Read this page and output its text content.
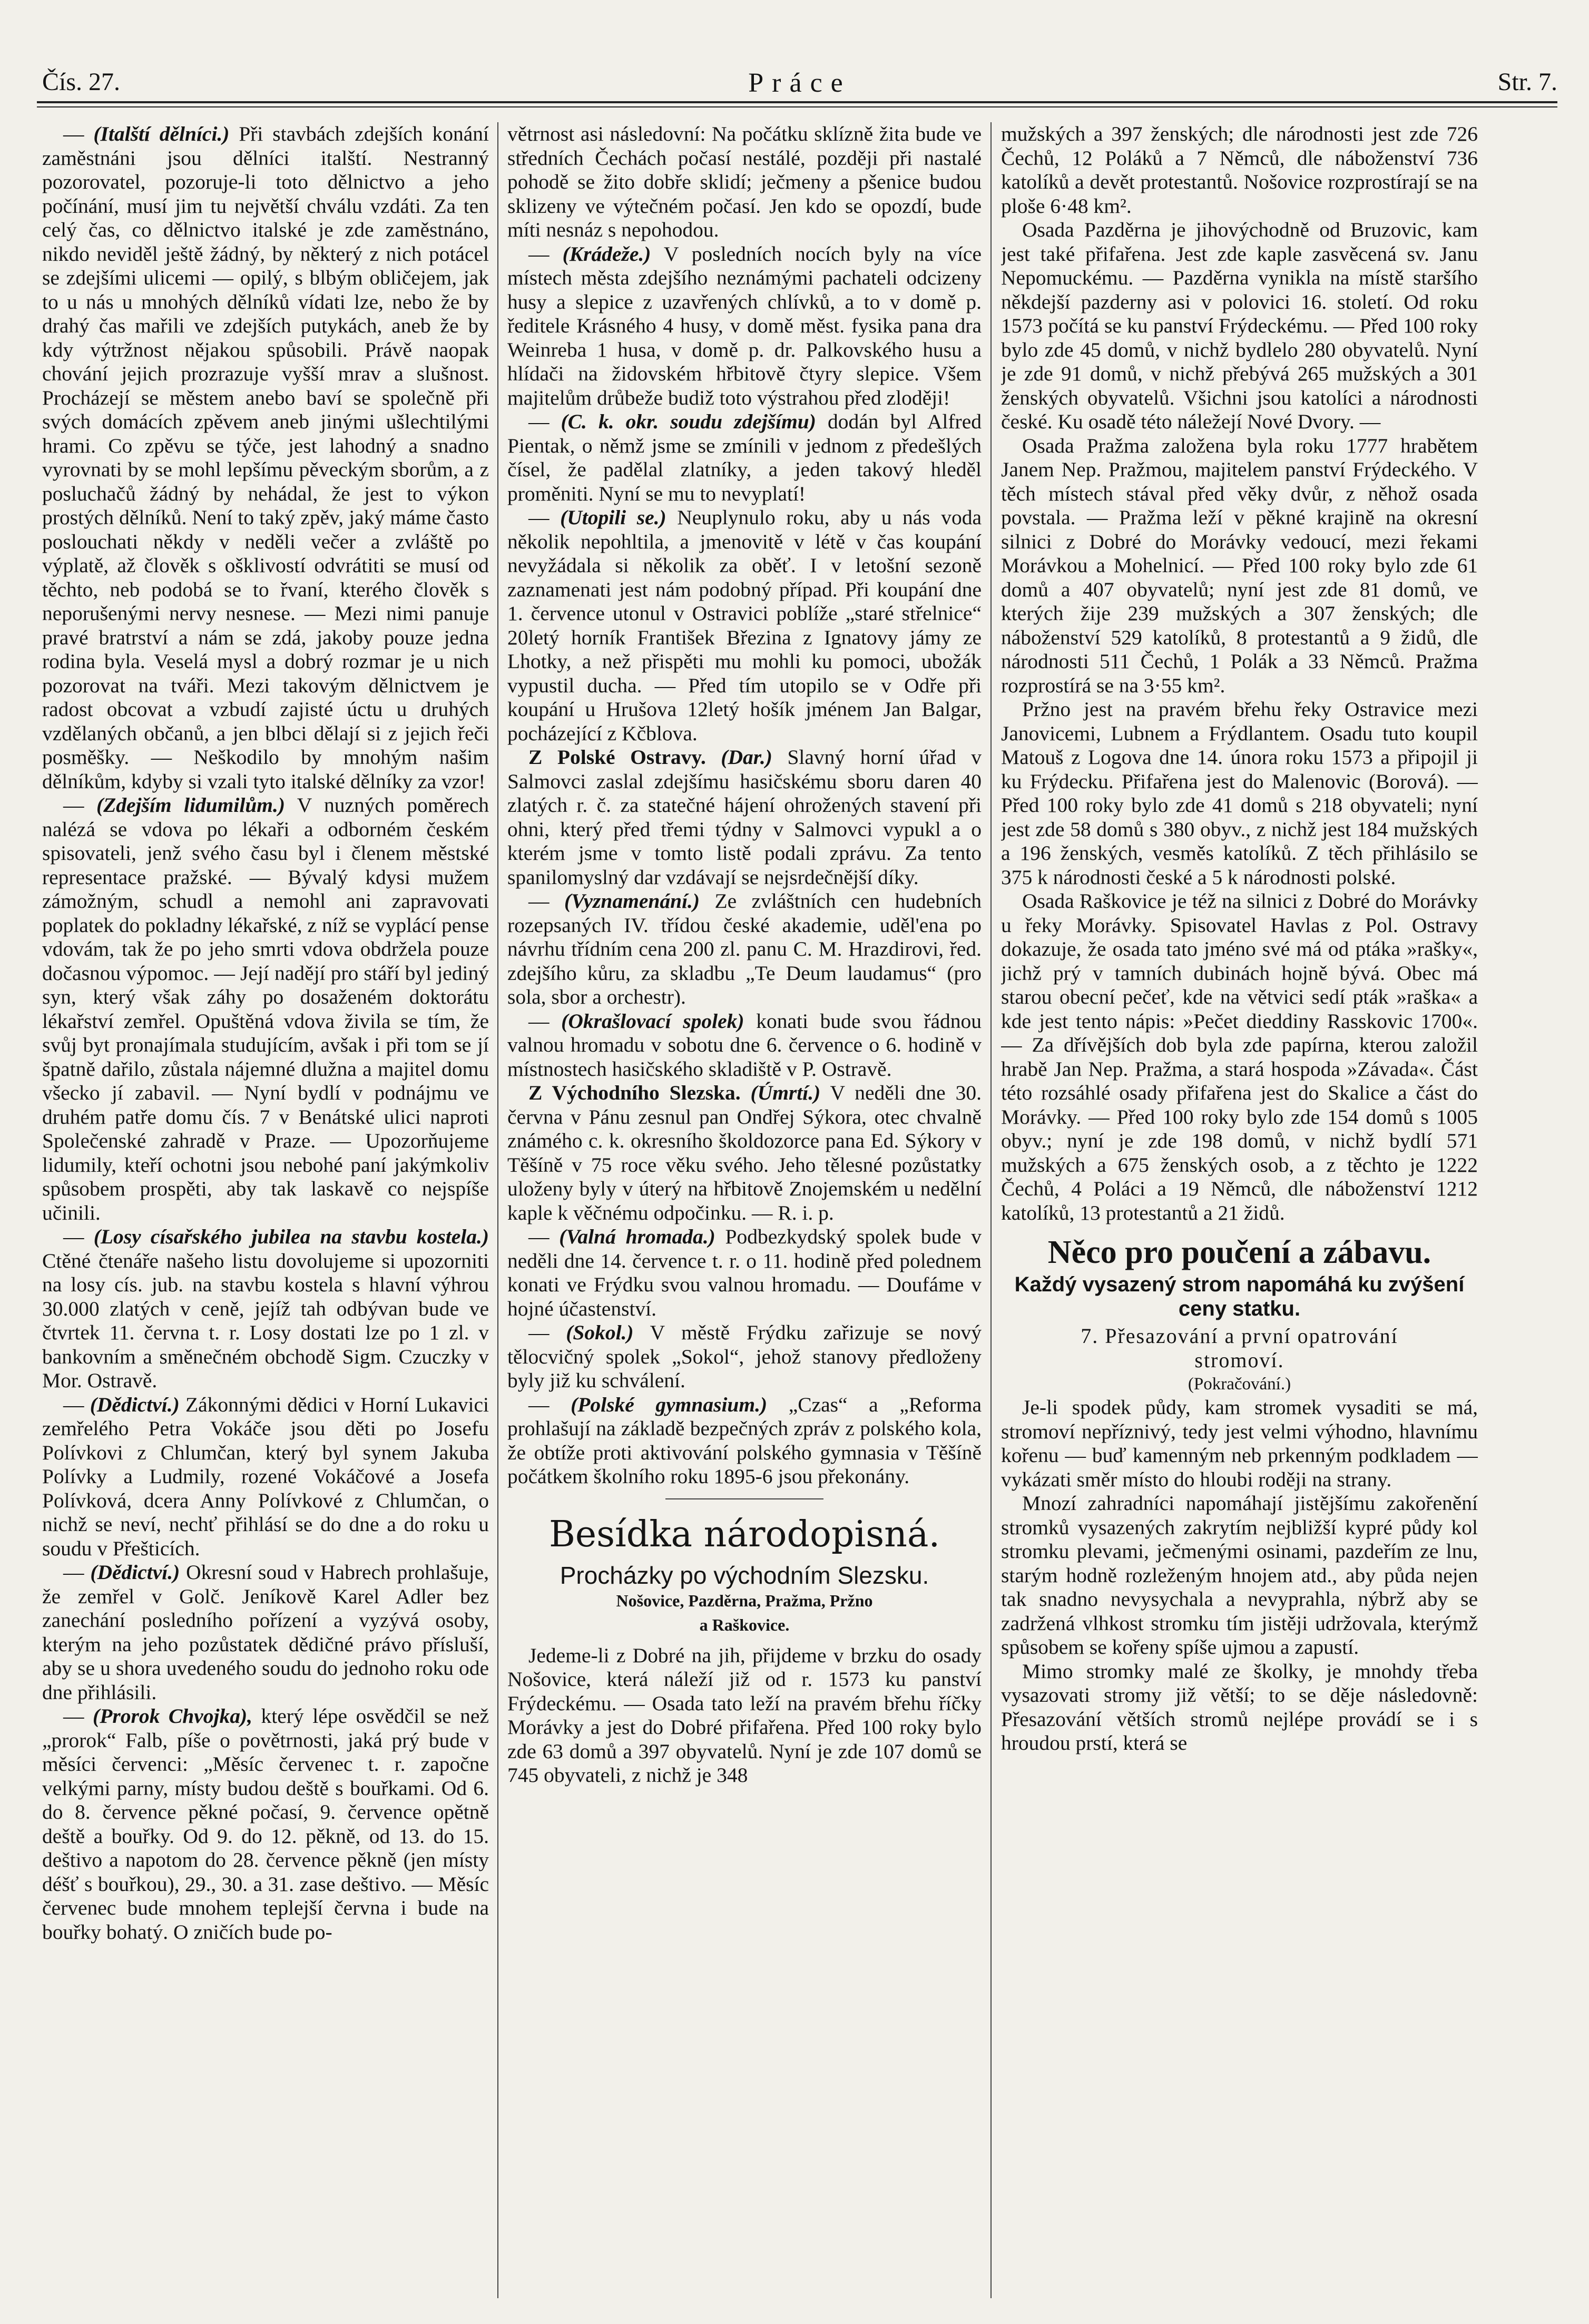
Čís. 27.	Práce	Str. 7.

— (Italští dělníci.) Při stavbách zdejších konání zaměstnáni jsou dělníci italští. Nestranný pozorovatel, pozoruje-li toto dělnictvo a jeho počínání, musí jim tu největší chválu vzdáti. Za ten celý čas, co dělnictvo italské je zde zaměstnáno, nikdo neviděl ještě žádný, by některý z nich potácel se zdejšími ulicemi — opilý, s blbým obličejem, jak to u nás u mnohých dělníků vídati lze, nebo že by drahý čas mařili ve zdejších putykách, aneb že by kdy výtržnost nějakou spůsobili. Právě naopak chování jejich prozrazuje vyšší mrav a slušnost. Procházejí se městem anebo baví se společně při svých domácích zpěvem aneb jinými ušlechtilými hrami. Co zpěvu se týče, jest lahodný a snadno vyrovnati by se mohl lepšímu pěveckým sborům, a z posluchačů žádný by nehádal, že jest to výkon prostých dělníků. Není to taký zpěv, jaký máme často poslouchati někdy v neděli večer a zvláště po výplatě, až člověk s ošklivostí odvrátiti se musí od těchto, neb podobá se to řvaní, kterého člověk s neporušenými nervy nesnese. — Mezi nimi panuje pravé bratrství a nám se zdá, jakoby pouze jedna rodina byla. Veselá mysl a dobrý rozmar je u nich pozorovat na tváři. Mezi takovým dělnictvem je radost obcovat a vzbudí zajisté úctu u druhých vzdělaných občanů, a jen blbci dělají si z jejich řeči posměšky. — Neškodilo by mnohým našim dělníkům, kdyby si vzali tyto italské dělníky za vzor!

— (Zdejším lidumilům.) V nuzných poměrech nalézá se vdova po lékaři a odborném českém spisovateli, jenž svého času byl i členem městské representace pražské. — Bývalý kdysi mužem zámožným, schudl a nemohl ani zapravovati poplatek do pokladny lékařské, z níž se vyplácí pense vdovám, tak že po jeho smrti vdova obdržela pouze dočasnou výpomoc. — Její nadějí pro stáří byl jediný syn, který však záhy po dosaženém doktorátu lékařství zemřel. Opuštěná vdova živila se tím, že svůj byt pronajímala studujícím, avšak i při tom se jí špatně dařilo, zůstala nájemné dlužna a majitel domu všecko jí zabavil. — Nyní bydlí v podnájmu ve druhém patře domu čís. 7 v Benátské ulici naproti Společenské zahradě v Praze. — Upozorňujeme lidumily, kteří ochotni jsou nebohé paní jakýmkoliv spůsobem prospěti, aby tak laskavě co nejspíše učinili.

— (Losy císařského jubilea na stavbu kostela.) Ctěné čtenáře našeho listu dovolujeme si upozorniti na losy cís. jub. na stavbu kostela s hlavní výhrou 30.000 zlatých v ceně, jejíž tah odbývan bude ve čtvrtek 11. června t. r. Losy dostati lze po 1 zl. v bankovním a směnečném obchodě Sigm. Czuczky v Mor. Ostravě.

— (Dědictví.) Zákonnými dědici v Horní Lukavici zemřelého Petra Vokáče jsou děti po Josefu Polívkovi z Chlumčan, který byl synem Jakuba Polívky a Ludmily, rozené Vokáčové a Josefa Polívková, dcera Anny Polívkové z Chlumčan, o nichž se neví, nechť přihlásí se do dne a do roku u soudu v Přešticích.

— (Dědictví.) Okresní soud v Habrech prohlašuje, že zemřel v Golč. Jeníkově Karel Adler bez zanechání posledního pořízení a vyzývá osoby, kterým na jeho pozůstatek dědičné právo přísluší, aby se u shora uvedeného soudu do jednoho roku ode dne přihlásili.

— (Prorok Chvojka), který lépe osvědčil se než „prorok“ Falb, píše o povětrnosti, jaká prý bude v měsíci červenci: „Měsíc červenec t. r. započne velkými parny, místy budou deště s bouřkami. Od 6. do 8. července pěkné počasí, 9. července opětně deště a bouřky. Od 9. do 12. pěkně, od 13. do 15. deštivo a napotom do 28. července pěkně (jen místy déšť s bouřkou), 29., 30. a 31. zase deštivo. — Měsíc červenec bude mnohem teplejší června i bude na bouřky bohatý. O zničích bude po-

větrnost asi následovní: Na počátku sklízně žita bude ve středních Čechách počasí nestálé, později při nastalé pohodě se žito dobře sklidí; ječmeny a pšenice budou sklizeny ve výtečném počasí. Jen kdo se opozdí, bude míti nesnáz s nepohodou.

— (Krádeže.) V posledních nocích byly na více místech města zdejšího neznámými pachateli odcizeny husy a slepice z uzavřených chlívků, a to v domě p. ředitele Krásného 4 husy, v domě měst. fysika pana dra Weinreba 1 husa, v domě p. dr. Palkovského husu a hlídači na židovském hřbitově čtyry slepice. Všem majitelům drůbeže budiž toto výstrahou před zloději!

— (C. k. okr. soudu zdejšímu) dodán byl Alfred Pientak, o němž jsme se zmínili v jednom z předešlých čísel, že padělal zlatníky, a jeden takový hleděl proměniti. Nyní se mu to nevyplatí!

— (Utopili se.) Neuplynulo roku, aby u nás voda několik nepohltila, a jmenovitě v létě v čas koupání nevyžádala si několik za oběť. I v letošní sezoně zaznamenati jest nám podobný případ. Při koupání dne 1. července utonul v Ostravici poblíže „staré střelnice“ 20letý horník František Březina z Ignatovy jámy ze Lhotky, a než přispěti mu mohli ku pomoci, ubožák vypustil ducha. — Před tím utopilo se v Odře při koupání u Hrušova 12letý hošík jménem Jan Balgar, pocházející z Kčblova.

Z Polské Ostravy. (Dar.) Slavný horní úřad v Salmovci zaslal zdejšímu hasičskému sboru daren 40 zlatých r. č. za statečné hájení ohrožených stavení při ohni, který před třemi týdny v Salmovci vypukl a o kterém jsme v tomto listě podali zprávu. Za tento spanilomyslný dar vzdávají se nejsrdečnější díky.

— (Vyznamenání.) Ze zvláštních cen hudebních rozepsaných IV. třídou české akademie, uděl'ena po návrhu třídním cena 200 zl. panu C. M. Hrazdirovi, řed. zdejšího kůru, za skladbu „Te Deum laudamus“ (pro sola, sbor a orchestr).

— (Okrašlovací spolek) konati bude svou řádnou valnou hromadu v sobotu dne 6. července o 6. hodině v místnostech hasičského skladiště v P. Ostravě.

Z Východního Slezska. (Úmrtí.) V neděli dne 30. června v Pánu zesnul pan Ondřej Sýkora, otec chvalně známého c. k. okresního školdozorce pana Ed. Sýkory v Těšíně v 75 roce věku svého. Jeho tělesné pozůstatky uloženy byly v úterý na hřbitově Znojemském u nedělní kaple k věčnému odpočinku. — R. i. p.

— (Valná hromada.) Podbezkydský spolek bude v neděli dne 14. července t. r. o 11. hodině před polednem konati ve Frýdku svou valnou hromadu. — Doufáme v hojné účastenství.

— (Sokol.) V městě Frýdku zařizuje se nový tělocvičný spolek „Sokol“, jehož stanovy předloženy byly již ku schválení.

— (Polské gymnasium.) „Czas“ a „Reforma prohlašují na základě bezpečných zpráv z polského kola, že obtíže proti aktivování polského gymnasia v Těšíně počátkem školního roku 1895-6 jsou překonány.

Besídka národopisná.
Procházky po východním Slezsku.
Nošovice, Pazděrna, Pražma, Pržno
a Raškovice.

Jedeme-li z Dobré na jih, přijdeme v brzku do osady Nošovice, která náleží již od r. 1573 ku panství Frýdeckému. — Osada tato leží na pravém břehu říčky Morávky a jest do Dobré přifařena. Před 100 roky bylo zde 63 domů a 397 obyvatelů. Nyní je zde 107 domů se 745 obyvateli, z nichž je 348

mužských a 397 ženských; dle národnosti jest zde 726 Čechů, 12 Poláků a 7 Němců, dle náboženství 736 katolíků a devět protestantů. Nošovice rozprostírají se na ploše 6·48 km².

Osada Pazděrna je jihovýchodně od Bruzovic, kam jest také přifařena. Jest zde kaple zasvěcená sv. Janu Nepomuckému. — Pazděrna vynikla na místě staršího někdejší pazderny asi v polovici 16. století. Od roku 1573 počítá se ku panství Frýdeckému. — Před 100 roky bylo zde 45 domů, v nichž bydlelo 280 obyvatelů. Nyní je zde 91 domů, v nichž přebývá 265 mužských a 301 ženských obyvatelů. Všichni jsou katolíci a národnosti české. Ku osadě této náležejí Nové Dvory. —

Osada Pražma založena byla roku 1777 hrabětem Janem Nep. Pražmou, majitelem panství Frýdeckého. V těch místech stával před věky dvůr, z něhož osada povstala. — Pražma leží v pěkné krajině na okresní silnici z Dobré do Morávky vedoucí, mezi řekami Morávkou a Mohelnicí. — Před 100 roky bylo zde 61 domů a 407 obyvatelů; nyní jest zde 81 domů, ve kterých žije 239 mužských a 307 ženských; dle náboženství 529 katolíků, 8 protestantů a 9 židů, dle národnosti 511 Čechů, 1 Polák a 33 Němců. Pražma rozprostírá se na 3·55 km².

Pržno jest na pravém břehu řeky Ostravice mezi Janovicemi, Lubnem a Frýdlantem. Osadu tuto koupil Matouš z Logova dne 14. února roku 1573 a připojil ji ku Frýdecku. Přifařena jest do Malenovic (Borová). — Před 100 roky bylo zde 41 domů s 218 obyvateli; nyní jest zde 58 domů s 380 obyv., z nichž jest 184 mužských a 196 ženských, vesměs katolíků. Z těch přihlásilo se 375 k národnosti české a 5 k národnosti polské.

Osada Raškovice je též na silnici z Dobré do Morávky u řeky Morávky. Spisovatel Havlas z Pol. Ostravy dokazuje, že osada tato jméno své má od ptáka »rašky«, jichž prý v tamních dubinách hojně bývá. Obec má starou obecní pečeť, kde na větvici sedí pták »raška« a kde jest tento nápis: »Pečet dieddiny Rasskovic 1700«. — Za dřívějších dob byla zde papírna, kterou založil hrabě Jan Nep. Pražma, a stará hospoda »Závada«. Část této rozsáhlé osady přifařena jest do Skalice a část do Morávky. — Před 100 roky bylo zde 154 domů s 1005 obyv.; nyní je zde 198 domů, v nichž bydlí 571 mužských a 675 ženských osob, a z těchto je 1222 Čechů, 4 Poláci a 19 Němců, dle náboženství 1212 katolíků, 13 protestantů a 21 židů.

Něco pro poučení a zábavu.
Každý vysazený strom napomáhá ku zvýšení ceny statku.
7. Přesazování a první opatrování
stromoví.
(Pokračování.)

Je-li spodek půdy, kam stromek vysaditi se má, stromoví nepříznivý, tedy jest velmi výhodno, hlavnímu kořenu — buď kamenným neb prkenným podkladem — vykázati směr místo do hloubi roději na strany.

Mnozí zahradníci napomáhají jistějšímu zakořenění stromků vysazených zakrytím nejbližší kypré půdy kol stromku plevami, ječmenými osinami, pazdeřím ze lnu, starým hodně rozleženým hnojem atd., aby půda nejen tak snadno nevysychala a nevyprahla, nýbrž aby se zadržená vlhkost stromku tím jistěji udržovala, kterýmž spůsobem se kořeny spíše ujmou a zapustí.

Mimo stromky malé ze školky, je mnohdy třeba vysazovati stromy již větší; to se děje následovně: Přesazování větších stromů nejlépe provádí se i s hroudou prstí, která se
